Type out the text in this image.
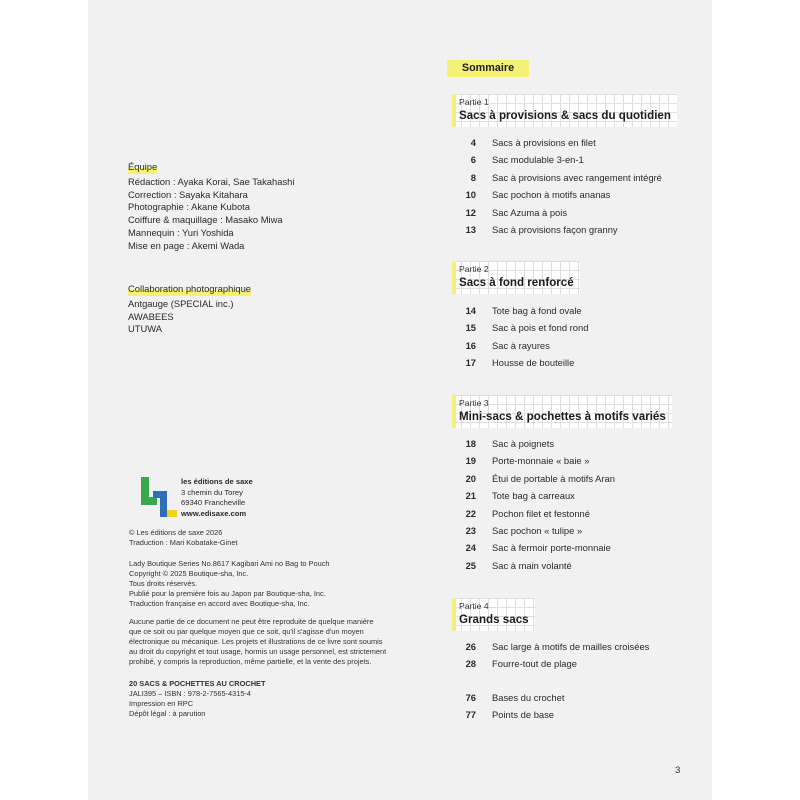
Équipe
Rédaction : Ayaka Korai, Sae Takahashi
Correction : Sayaka Kitahara
Photographie : Akane Kubota
Coiffure & maquillage : Masako Miwa
Mannequin : Yuri Yoshida
Mise en page : Akemi Wada
Collaboration photographique
Antgauge (SPECIAL inc.)
AWABEES
UTUWA
les éditions de saxe
3 chemin du Torey
69340 Francheville
www.edisaxe.com
© Les éditions de saxe 2026
Traduction : Mari Kobatake-Ginet
Lady Boutique Series No.8617 Kagibari Ami no Bag to Pouch
Copyright © 2025 Boutique-sha, Inc.
Tous droits réservés.
Publié pour la première fois au Japon par Boutique-sha, Inc.
Traduction française en accord avec Boutique-sha, Inc.
Aucune partie de ce document ne peut être reproduite de quelque manière
que ce soit ou par quelque moyen que ce soit, qu'il s'agisse d'un moyen
électronique ou mécanique. Les projets et illustrations de ce livre sont soumis
au droit du copyright et tout usage, hormis un usage personnel, est strictement
prohibé, y compris la reproduction, même partielle, et la vente des projets.
20 SACS & POCHETTES AU CROCHET
JALI395 – ISBN : 978-2-7565-4315-4
Impression en RPC
Dépôt légal : à parution
Sommaire
Partie 1
Sacs à provisions & sacs du quotidien
4 Sacs à provisions en filet
6 Sac modulable 3-en-1
8 Sac à provisions avec rangement intégré
10 Sac pochon à motifs ananas
12 Sac Azuma à pois
13 Sac à provisions façon granny
Partie 2
Sacs à fond renforcé
14 Tote bag à fond ovale
15 Sac à pois et fond rond
16 Sac à rayures
17 Housse de bouteille
Partie 3
Mini-sacs & pochettes à motifs variés
18 Sac à poignets
19 Porte-monnaie « baie »
20 Étui de portable à motifs Aran
21 Tote bag à carreaux
22 Pochon filet et festonné
23 Sac pochon « tulipe »
24 Sac à fermoir porte-monnaie
25 Sac à main volanté
Partie 4
Grands sacs
26 Sac large à motifs de mailles croisées
28 Fourre-tout de plage
76 Bases du crochet
77 Points de base
3
